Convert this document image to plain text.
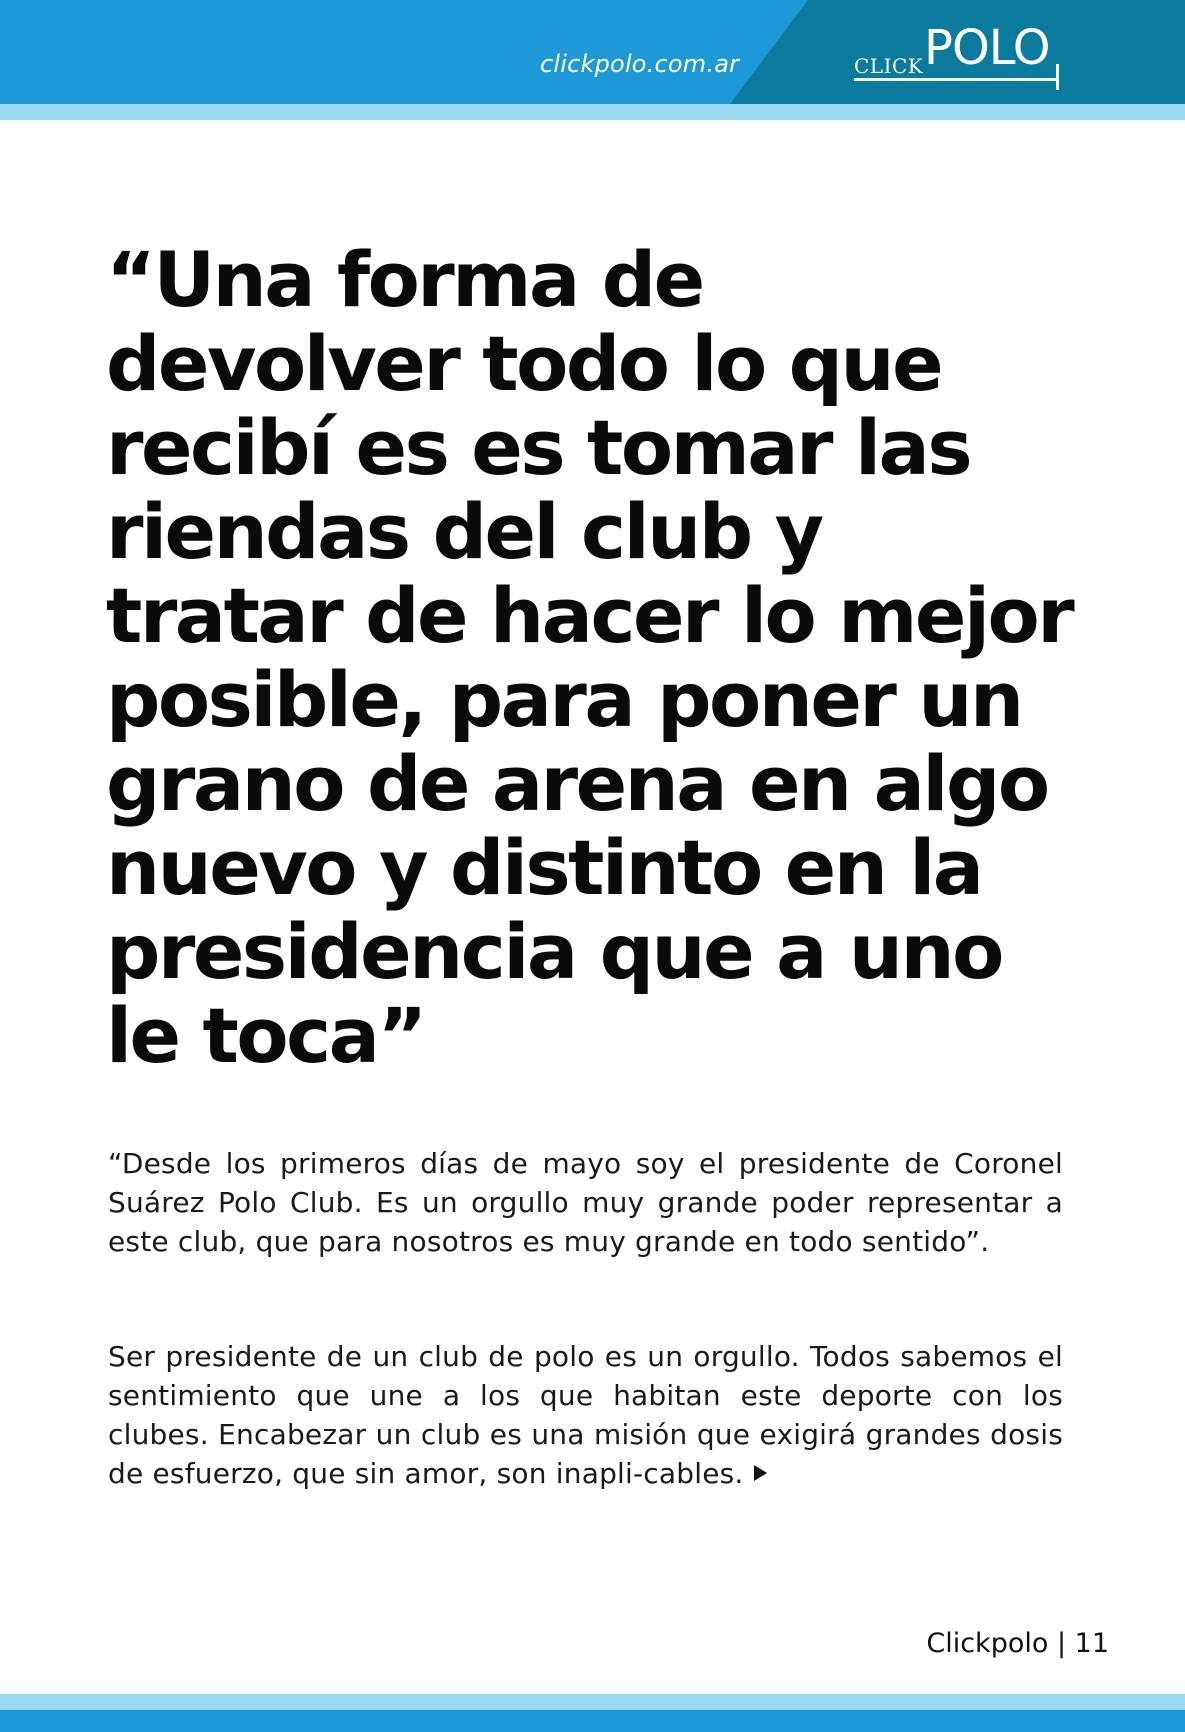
clickpolo.com.ar	CLICK POLO
“Una forma de
devolver todo lo que
recibí es es tomar las
riendas del club y
tratar de hacer lo mejor
posible, para poner un
grano de arena en algo
nuevo y distinto en la
presidencia que a uno
le toca”

“Desde los primeros días de mayo soy el presidente de Coronel Suárez Polo Club. Es un orgullo muy grande poder representar a este club, que para nosotros es muy grande en todo sentido”.

Ser presidente de un club de polo es un orgullo. Todos sabemos el sentimiento que une a los que habitan este deporte con los clubes. Encabezar un club es una misión que exigirá grandes dosis de esfuerzo, que sin amor, son inapli-cables.

Clickpolo | 11
